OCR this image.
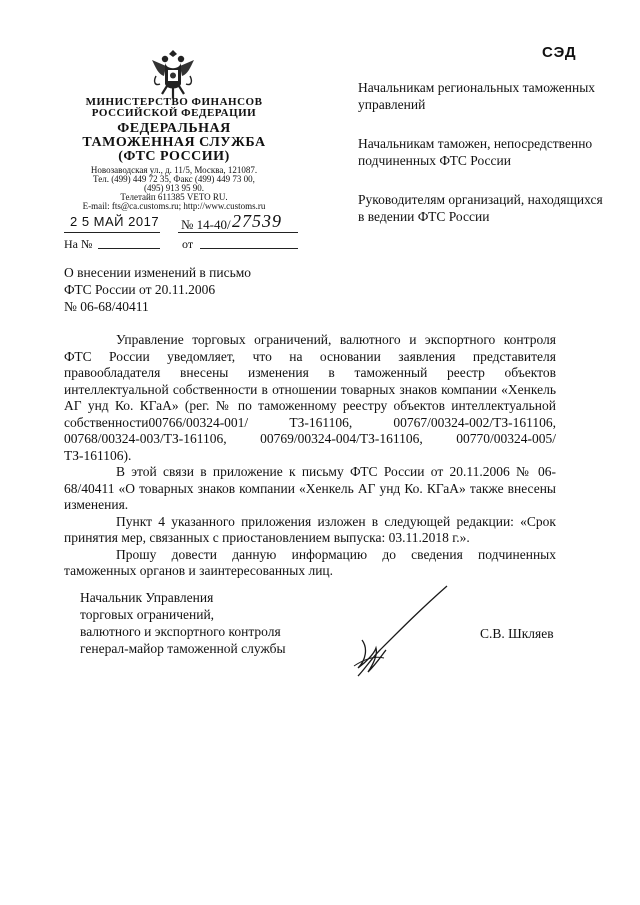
СЭД
МИНИСТЕРСТВО ФИНАНСОВ
РОССИЙСКОЙ ФЕДЕРАЦИИ
ФЕДЕРАЛЬНАЯ
ТАМОЖЕННАЯ СЛУЖБА
(ФТС РОССИИ)
Новозаводская ул., д. 11/5, Москва, 121087.
Тел. (499) 449 72 35, Факс (499) 449 73 00,
(495) 913 95 90.
Телетайп 611385 VETO RU.
E-mail: fts@ca.customs.ru; http://www.customs.ru
2 5 МАЙ 2017 № 14-40/ 27539
На №	от

Начальникам региональных таможенных управлений

Начальникам таможен, непосредственно подчиненных ФТС России

Руководителям организаций, находящихся в ведении ФТС России

О внесении изменений в письмо
ФТС России от 20.11.2006
№ 06-68/40411

Управление торговых ограничений, валютного и экспортного контроля ФТС России уведомляет, что на основании заявления представителя правообладателя внесены изменения в таможенный реестр объектов интеллектуальной собственности в отношении товарных знаков компании «Хенкель АГ унд Ко. КГаА» (рег. № по таможенному реестру объектов интеллектуальной собственности00766/00324-001/ ТЗ-161106, 00767/00324-002/ТЗ-161106, 00768/00324-003/ТЗ-161106, 00769/00324-004/ТЗ-161106, 00770/00324-005/ ТЗ-161106).

В этой связи в приложение к письму ФТС России от 20.11.2006 № 06-68/40411 «О товарных знаков компании «Хенкель АГ унд Ко. КГаА» также внесены изменения.

Пункт 4 указанного приложения изложен в следующей редакции: «Срок принятия мер, связанных с приостановлением выпуска: 03.11.2018 г.».

Прошу довести данную информацию до сведения подчиненных таможенных органов и заинтересованных лиц.

Начальник Управления
торговых ограничений,
валютного и экспортного контроля
генерал-майор таможенной службы
С.В. Шкляев
